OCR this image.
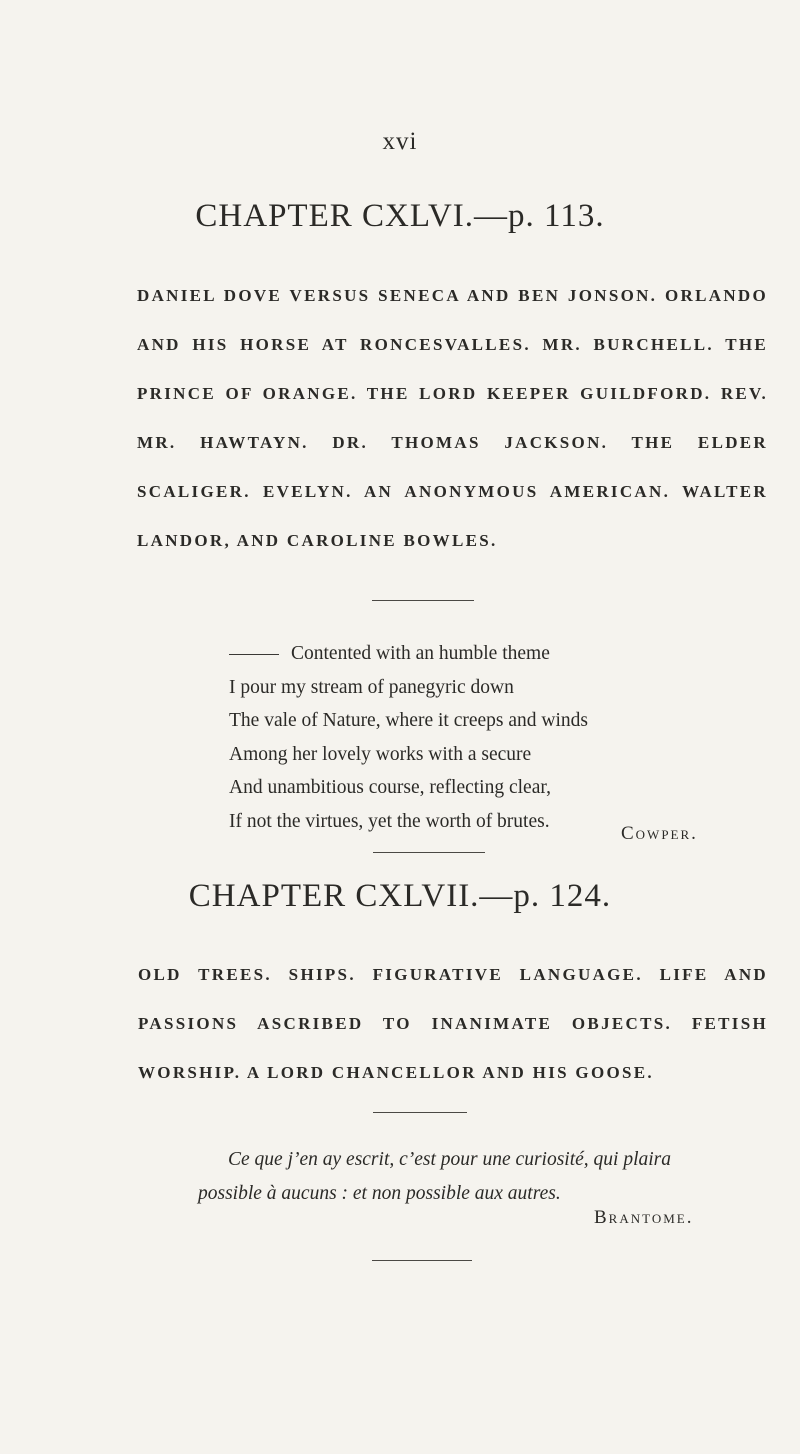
xvi
CHAPTER CXLVI.—p. 113.

DANIEL DOVE VERSUS SENECA AND BEN JONSON. ORLANDO AND HIS HORSE AT RONCESVALLES. MR. BURCHELL. THE PRINCE OF ORANGE. THE LORD KEEPER GUILDFORD. REV. MR. HAWTAYN. DR. THOMAS JACKSON. THE ELDER SCALIGER. EVELYN. AN ANONYMOUS AMERICAN. WALTER LANDOR, AND CAROLINE BOWLES.

Contented with an humble theme
I pour my stream of panegyric down
The vale of Nature, where it creeps and winds
Among her lovely works with a secure
And unambitious course, reflecting clear,
If not the virtues, yet the worth of brutes.
Cowper.
CHAPTER CXLVII.—p. 124.

OLD TREES. SHIPS. FIGURATIVE LANGUAGE. LIFE AND PASSIONS ASCRIBED TO INANIMATE OBJECTS. FETISH WORSHIP. A LORD CHANCELLOR AND HIS GOOSE.

Ce que j’en ay escrit, c’est pour une curiosité, qui plaira possible à aucuns : et non possible aux autres.

Brantome.
